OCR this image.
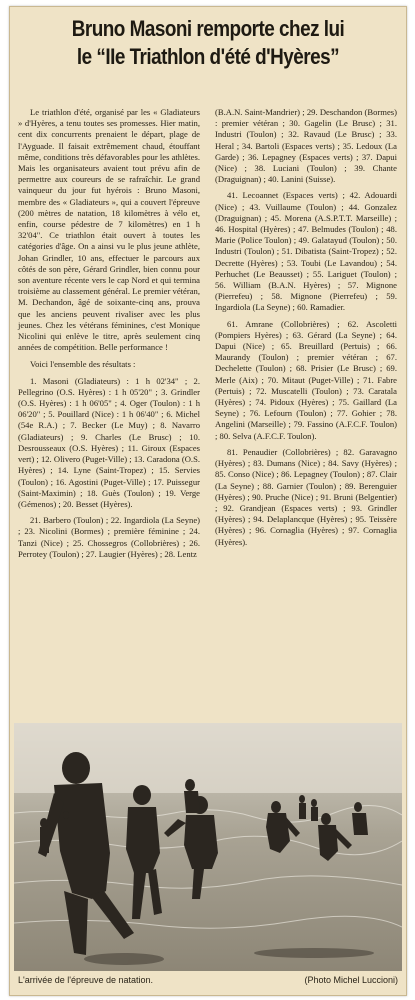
Bruno Masoni remporte chez lui
le “IIe Triathlon d'été d'Hyères”

Le triathlon d'été, organisé par les « Gladiateurs » d'Hyères, a tenu toutes ses promesses. Hier matin, cent dix concurrents prenaient le départ, plage de l'Ayguade. Il faisait extrêmement chaud, étouffant même, conditions très défavorables pour les athlètes. Mais les organisateurs avaient tout prévu afin de permettre aux coureurs de se rafraîchir. Le grand vainqueur du jour fut hyérois : Bruno Masoni, membre des « Gladiateurs », qui a couvert l'épreuve (200 mètres de natation, 18 kilomètres à vélo et, enfin, course pédestre de 7 kilomètres) en 1 h 32'04". Ce triathlon était ouvert à toutes les catégories d'âge. On a ainsi vu le plus jeune athlète, Johan Grindler, 10 ans, effectuer le parcours aux côtés de son père, Gérard Grindler, bien connu pour son aventure récente vers le cap Nord et qui termina troisième au classement général. Le premier vétéran, M. Dechandon, âgé de soixante-cinq ans, prouva que les anciens peuvent rivaliser avec les plus jeunes. Chez les vétérans féminines, c'est Monique Nicolini qui enlève le titre, après seulement cinq années de compétition. Belle performance !

Voici l'ensemble des résultats :

1. Masoni (Gladiateurs) : 1 h 02'34" ; 2. Pellegrino (O.S. Hyères) : 1 h 05'20" ; 3. Grindler (O.S. Hyères) : 1 h 06'05" ; 4. Oger (Toulon) : 1 h 06'20" ; 5. Pouillard (Nice) : 1 h 06'40" ; 6. Michel (54e R.A.) ; 7. Becker (Le Muy) ; 8. Navarro (Gladiateurs) ; 9. Charles (Le Brusc) ; 10. Desrousseaux (O.S. Hyères) ; 11. Giroux (Espaces vert) ; 12. Olivero (Puget-Ville) ; 13. Caradona (O.S. Hyères) ; 14. Lyne (Saint-Tropez) ; 15. Servies (Toulon) ; 16. Agostini (Puget-Ville) ; 17. Puissegur (Saint-Maximin) ; 18. Guès (Toulon) ; 19. Verge (Gémenos) ; 20. Besset (Hyères).

21. Barbero (Toulon) ; 22. Ingardiola (La Seyne) ; 23. Nicolini (Bormes) ; première féminine ; 24. Tanzi (Nice) ; 25. Chossegros (Collobrières) ; 26. Perrotey (Toulon) ; 27. Laugier (Hyères) ; 28. Lentz

(B.A.N. Saint-Mandrier) ; 29. Deschandon (Bormes) : premier vétéran ; 30. Gagelin (Le Brusc) ; 31. Industri (Toulon) ; 32. Ravaud (Le Brusc) ; 33. Heral ; 34. Bartoli (Espaces verts) ; 35. Ledoux (La Garde) ; 36. Lepagney (Espaces verts) ; 37. Dapui (Nice) ; 38. Luciani (Toulon) ; 39. Chante (Draguignan) ; 40. Lanini (Suisse).

41. Lecoannet (Espaces verts) ; 42. Adouardi (Nice) ; 43. Vuillaume (Toulon) ; 44. Gonzalez (Draguignan) ; 45. Morena (A.S.P.T.T. Marseille) ; 46. Hospital (Hyères) ; 47. Belmudes (Toulon) ; 48. Marie (Police Toulon) ; 49. Galatayud (Toulon) ; 50. Industri (Toulon) ; 51. Dibatista (Saint-Tropez) ; 52. Decrette (Hyères) ; 53. Toubi (Le Lavandou) ; 54. Perhuchet (Le Beausset) ; 55. Lariguet (Toulon) ; 56. William (B.A.N. Hyères) ; 57. Mignone (Pierrefeu) ; 58. Mignone (Pierrefeu) ; 59. Ingardiola (La Seyne) ; 60. Ramadier.

61. Amrane (Collobrières) ; 62. Ascoletti (Pompiers Hyères) ; 63. Gérard (La Seyne) ; 64. Dapui (Nice) ; 65. Breuillard (Pertuis) ; 66. Maurandy (Toulon) ; premier vétéran ; 67. Dechelette (Toulon) ; 68. Prisier (Le Brusc) ; 69. Merle (Aix) ; 70. Mitaut (Puget-Ville) ; 71. Fabre (Pertuis) ; 72. Muscatelli (Toulon) ; 73. Caratala (Hyères) ; 74. Pidoux (Hyères) ; 75. Gaillard (La Seyne) ; 76. Lefourn (Toulon) ; 77. Gohier ; 78. Angelini (Marseille) ; 79. Fassino (A.F.C.F. Toulon) ; 80. Selva (A.F.C.F. Toulon).

81. Penaudier (Collobrières) ; 82. Garavagno (Hyères) ; 83. Dumans (Nice) ; 84. Savy (Hyères) ; 85. Conso (Nice) ; 86. Lepagney (Toulon) ; 87. Clair (La Seyne) ; 88. Garnier (Toulon) ; 89. Berenguier (Hyères) ; 90. Pruche (Nice) ; 91. Bruni (Belgentier) ; 92. Grandjean (Espaces verts) ; 93. Grindler (Hyères) ; 94. Delaplancque (Hyères) ; 95. Teissère (Hyères) ; 96. Cornaglia (Hyères) ; 97. Cornaglia (Hyères).

L'arrivée de l'épreuve de natation.	(Photo Michel Luccioni)
